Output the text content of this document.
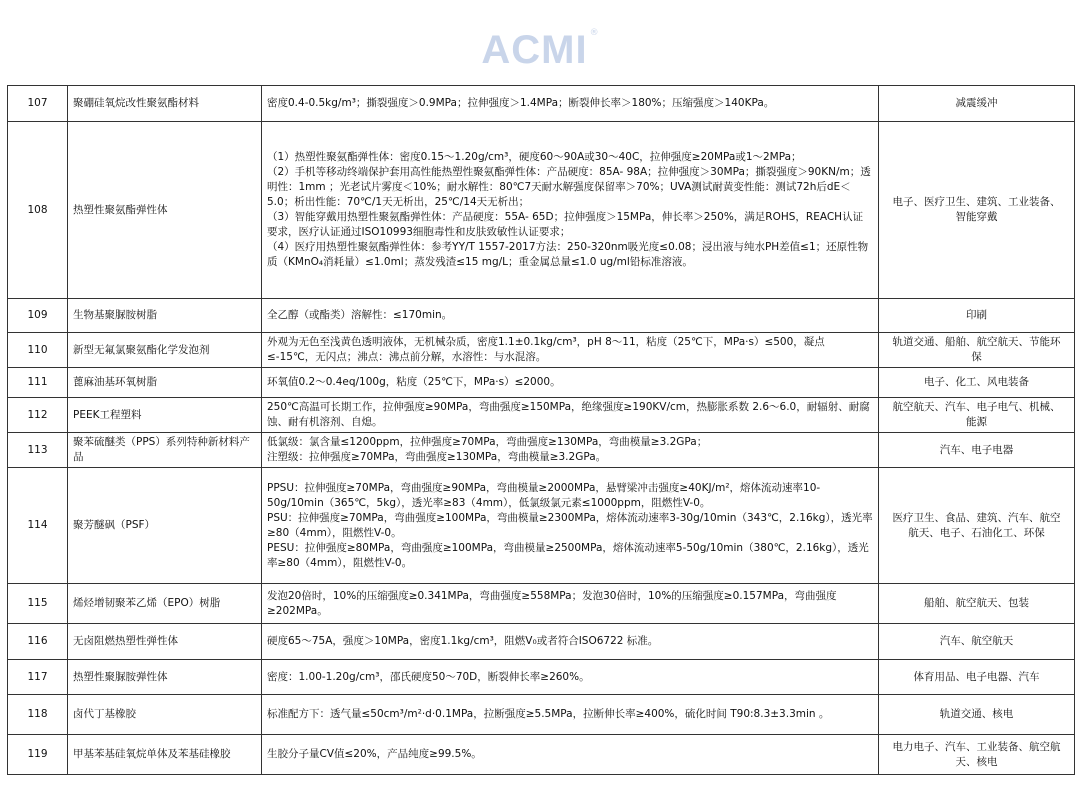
ACMI ®
107	聚硼硅氧烷改性聚氨酯材料	密度0.4-0.5kg/m³；撕裂强度＞0.9MPa；拉伸强度＞1.4MPa；断裂伸长率＞180%；压缩强度＞140KPa。	减震缓冲

108	热塑性聚氨酯弹性体	（1）热塑性聚氨酯弹性体：密度0.15～1.20g/cm³，硬度60～90A或30～40C，拉伸强度≥20MPa或1～2MPa；
（2）手机等移动终端保护套用高性能热塑性聚氨酯弹性体：产品硬度：85A- 98A；拉伸强度＞30MPa；撕裂强度＞90KN/m；透明性：1mm ；光老试片雾度＜10%；耐水解性：80℃7天耐水解强度保留率＞70%；UVA测试耐黄变性能：测试72h后dE＜5.0；析出性能：70℃/1天无析出，25℃/14天无析出；
（3）智能穿戴用热塑性聚氨酯弹性体：产品硬度：55A- 65D；拉伸强度＞15MPa，伸长率＞250%，满足ROHS，REACH认证要求，医疗认证通过ISO10993细胞毒性和皮肤致敏性认证要求；
（4）医疗用热塑性聚氨酯弹性体：参考YY/T 1557-2017方法：250-320nm吸光度≤0.08；浸出液与纯水PH差值≤1；还原性物质（KMnO₄消耗量）≤1.0ml；蒸发残渣≤15 mg/L；重金属总量≤1.0 ug/ml铅标准溶液。	电子、医疗卫生、建筑、工业装备、
智能穿戴

109	生物基聚脲胺树脂	全乙醇（或酯类）溶解性：≤170min。	印刷

110	新型无氟氯聚氨酯化学发泡剂	外观为无色至浅黄色透明液体，无机械杂质，密度1.1±0.1kg/cm³，pH 8～11，粘度（25℃下，MPa·s）≤500，凝点≤-15℃，无闪点；沸点：沸点前分解，水溶性：与水混溶。	轨道交通、船舶、航空航天、节能环
保

111	蓖麻油基环氧树脂	环氧值0.2～0.4eq/100g，粘度（25℃下，MPa·s）≤2000。	电子、化工、风电装备

112	PEEK工程塑料	250℃高温可长期工作，拉伸强度≥90MPa，弯曲强度≥150MPa，绝缘强度≥190KV/cm，热膨胀系数 2.6～6.0，耐辐射、耐腐蚀、耐有机溶剂、自熄。	航空航天、汽车、电子电气、机械、
能源

113	聚苯硫醚类（PPS）系列特种新材料产品	低氯级：氯含量≤1200ppm，拉伸强度≥70MPa，弯曲强度≥130MPa，弯曲模量≥3.2GPa；
注塑级：拉伸强度≥70MPa，弯曲强度≥130MPa，弯曲模量≥3.2GPa。	汽车、电子电器

114	聚芳醚砜（PSF）	PPSU：拉伸强度≥70MPa，弯曲强度≥90MPa，弯曲模量≥2000MPa，悬臂梁冲击强度≥40KJ/m²，熔体流动速率10-50g/10min（365℃，5kg），透光率≥83（4mm），低氯级氯元素≤1000ppm，阻燃性V-0。
PSU：拉伸强度≥70MPa，弯曲强度≥100MPa，弯曲模量≥2300MPa，熔体流动速率3-30g/10min（343℃，2.16kg），透光率≥80（4mm），阻燃性V-0。
PESU：拉伸强度≥80MPa，弯曲强度≥100MPa，弯曲模量≥2500MPa，熔体流动速率5-50g/10min（380℃，2.16kg），透光率≥80（4mm），阻燃性V-0。	医疗卫生、食品、建筑、汽车、航空
航天、电子、石油化工、环保

115	烯烃增韧聚苯乙烯（EPO）树脂	发泡20倍时，10%的压缩强度≥0.341MPa，弯曲强度≥558MPa；发泡30倍时，10%的压缩强度≥0.157MPa，弯曲强度≥202MPa。	船舶、航空航天、包装

116	无卤阻燃热塑性弹性体	硬度65～75A，强度＞10MPa，密度1.1kg/cm³，阻燃V₀或者符合ISO6722 标准。	汽车、航空航天

117	热塑性聚脲胺弹性体	密度：1.00-1.20g/cm³，邵氏硬度50～70D，断裂伸长率≥260%。	体育用品、电子电器、汽车

118	卤代丁基橡胶	标准配方下：透气量≤50cm³/m²·d·0.1MPa，拉断强度≥5.5MPa，拉断伸长率≥400%，硫化时间 T90:8.3±3.3min 。	轨道交通、核电

119	甲基苯基硅氧烷单体及苯基硅橡胶	生胶分子量CV值≤20%，产品纯度≥99.5%。	电力电子、汽车、工业装备、航空航
天、核电
